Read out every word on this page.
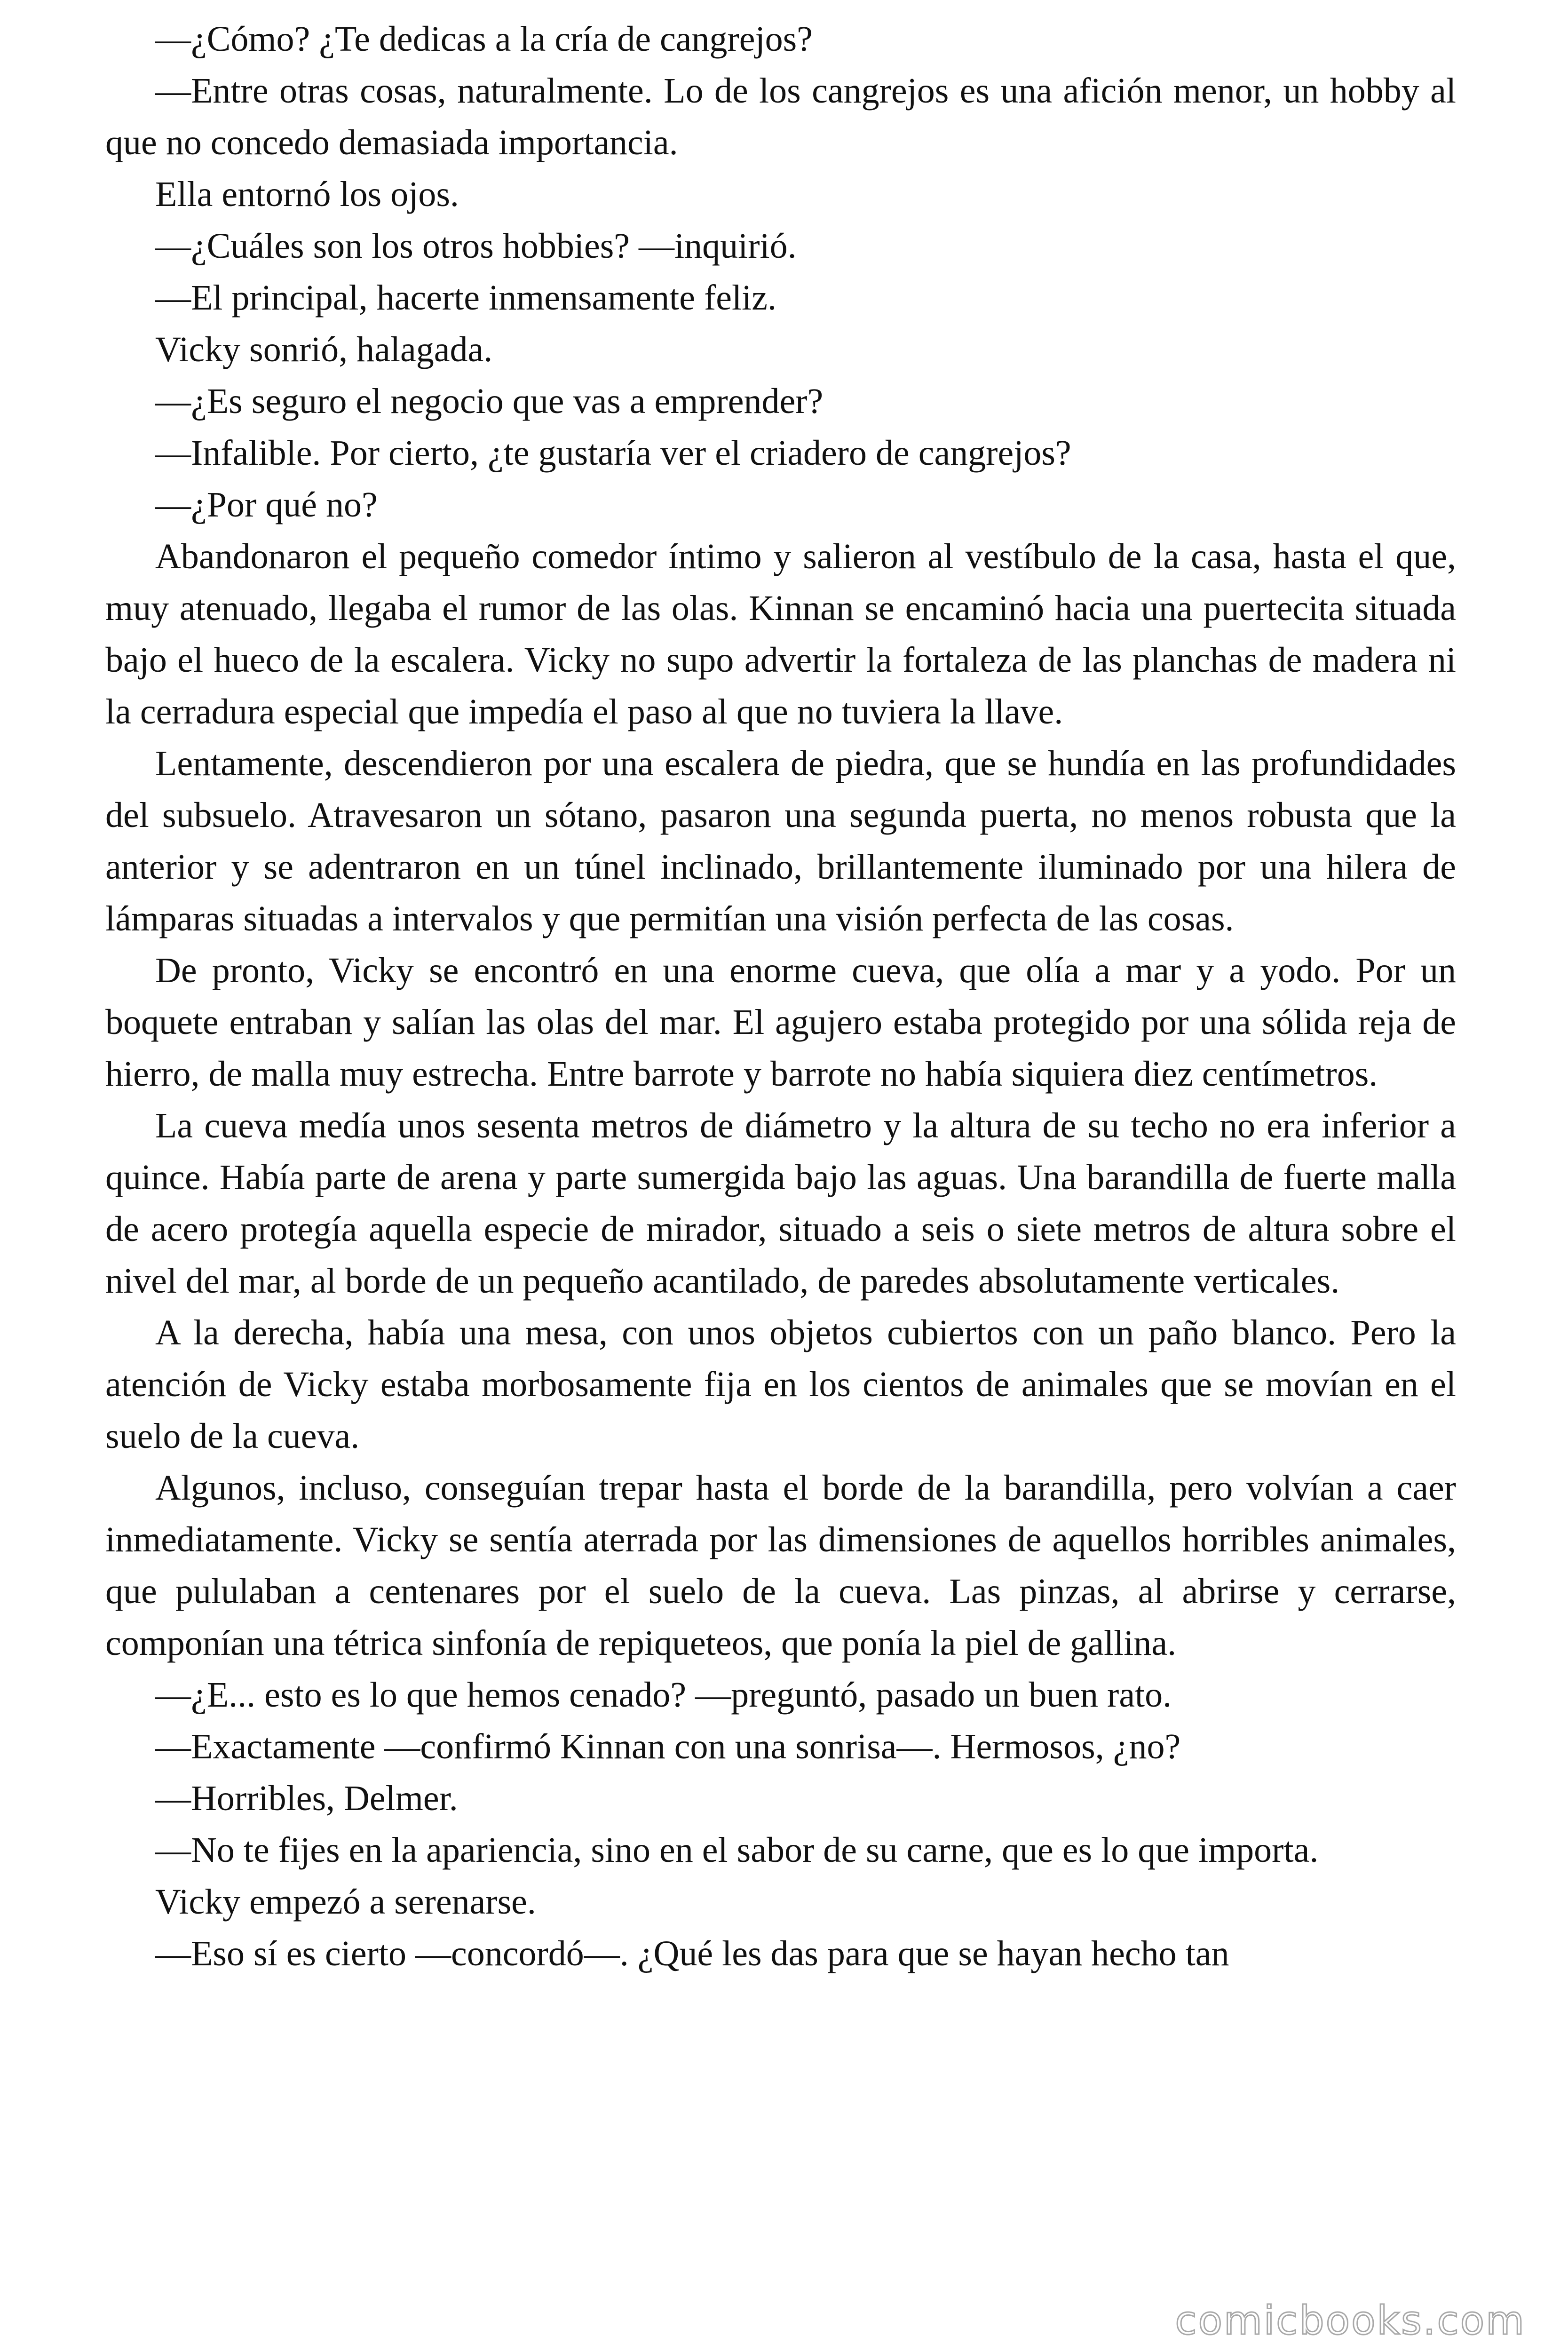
—¿Cómo? ¿Te dedicas a la cría de cangrejos?

—Entre otras cosas, naturalmente. Lo de los cangrejos es una afición menor, un hobby al que no concedo demasiada importancia.

Ella entornó los ojos.

—¿Cuáles son los otros hobbies? —inquirió.

—El principal, hacerte inmensamente feliz.

Vicky sonrió, halagada.

—¿Es seguro el negocio que vas a emprender?

—Infalible. Por cierto, ¿te gustaría ver el criadero de cangrejos?

—¿Por qué no?

Abandonaron el pequeño comedor íntimo y salieron al vestíbulo de la casa, hasta el que, muy atenuado, llegaba el rumor de las olas. Kinnan se encaminó hacia una puertecita situada bajo el hueco de la escalera. Vicky no supo advertir la fortaleza de las planchas de madera ni la cerradura especial que impedía el paso al que no tuviera la llave.

Lentamente, descendieron por una escalera de piedra, que se hundía en las profundidades del subsuelo. Atravesaron un sótano, pasaron una segunda puerta, no menos robusta que la anterior y se adentraron en un túnel inclinado, brillantemente iluminado por una hilera de lámparas situadas a intervalos y que permitían una visión perfecta de las cosas.

De pronto, Vicky se encontró en una enorme cueva, que olía a mar y a yodo. Por un boquete entraban y salían las olas del mar. El agujero estaba protegido por una sólida reja de hierro, de malla muy estrecha. Entre barrote y barrote no había siquiera diez centímetros.

La cueva medía unos sesenta metros de diámetro y la altura de su techo no era inferior a quince. Había parte de arena y parte sumergida bajo las aguas. Una barandilla de fuerte malla de acero protegía aquella especie de mirador, situado a seis o siete metros de altura sobre el nivel del mar, al borde de un pequeño acantilado, de paredes absolutamente verticales.

A la derecha, había una mesa, con unos objetos cubiertos con un paño blanco. Pero la atención de Vicky estaba morbosamente fija en los cientos de animales que se movían en el suelo de la cueva.

Algunos, incluso, conseguían trepar hasta el borde de la barandilla, pero volvían a caer inmediatamente. Vicky se sentía aterrada por las dimensiones de aquellos horribles animales, que pululaban a centenares por el suelo de la cueva. Las pinzas, al abrirse y cerrarse, componían una tétrica sinfonía de repiqueteos, que ponía la piel de gallina.

—¿E... esto es lo que hemos cenado? —preguntó, pasado un buen rato.

—Exactamente —confirmó Kinnan con una sonrisa—. Hermosos, ¿no?

—Horribles, Delmer.

—No te fijes en la apariencia, sino en el sabor de su carne, que es lo que importa.

Vicky empezó a serenarse.

—Eso sí es cierto —concordó—. ¿Qué les das para que se hayan hecho tan

comicbooks.com
